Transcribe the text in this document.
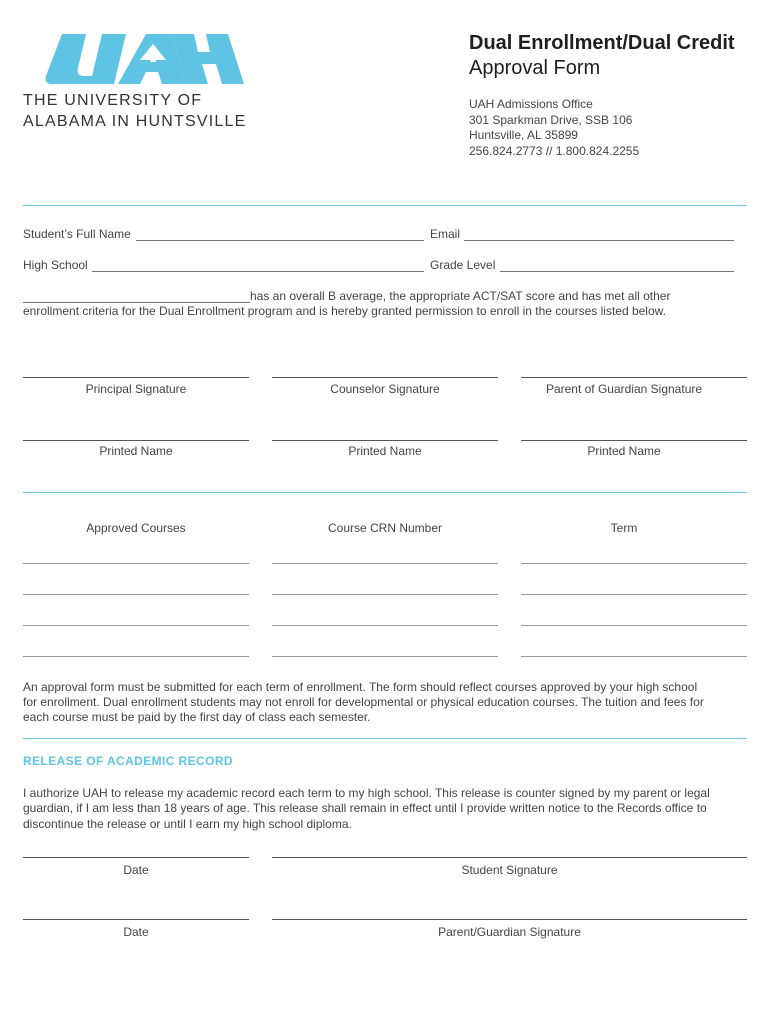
THE UNIVERSITY OF
ALABAMA IN HUNTSVILLE
Dual Enrollment/Dual Credit
Approval Form
UAH Admissions Office
301 Sparkman Drive, SSB 106
Huntsville, AL 35899
256.824.2773 // 1.800.824.2255
Student’s Full Name	Email
High School	Grade Level
has an overall B average, the appropriate ACT/SAT score and has met all other
enrollment criteria for the Dual Enrollment program and is hereby granted permission to enroll in the courses listed below.
Principal Signature	Counselor Signature	Parent of Guardian Signature
Printed Name	Printed Name	Printed Name
Approved Courses	Course CRN Number	Term
An approval form must be submitted for each term of enrollment. The form should reflect courses approved by your high school
for enrollment. Dual enrollment students may not enroll for developmental or physical education courses. The tuition and fees for
each course must be paid by the first day of class each semester.
RELEASE OF ACADEMIC RECORD
I authorize UAH to release my academic record each term to my high school. This release is counter signed by my parent or legal
guardian, if I am less than 18 years of age. This release shall remain in effect until I provide written notice to the Records office to
discontinue the release or until I earn my high school diploma.
Date	Student Signature
Date	Parent/Guardian Signature
